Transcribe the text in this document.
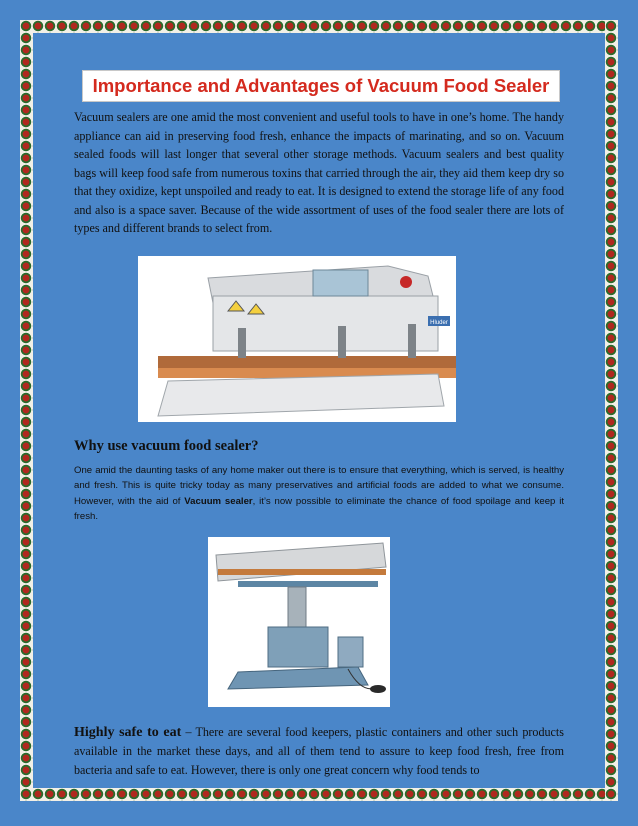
Importance and Advantages of Vacuum Food Sealer
Vacuum sealers are one amid the most convenient and useful tools to have in one’s home. The handy appliance can aid in preserving food fresh, enhance the impacts of marinating, and so on. Vacuum sealed foods will last longer that several other storage methods. Vacuum sealers and best quality bags will keep food safe from numerous toxins that carried through the air, they aid them keep dry so that they oxidize, kept unspoiled and ready to eat. It is designed to extend the storage life of any food and also is a space saver. Because of the wide assortment of uses of the food sealer there are lots of types and different brands to select from.
Hluder
Why use vacuum food sealer?
One amid the daunting tasks of any home maker out there is to ensure that everything, which is served, is healthy and fresh. This is quite tricky today as many preservatives and artificial foods are added to what we consume. However, with the aid of Vacuum sealer, it’s now possible to eliminate the chance of food spoilage and keep it fresh.
Highly safe to eat – There are several food keepers, plastic containers and other such products available in the market these days, and all of them tend to assure to keep food fresh, free from bacteria and safe to eat. However, there is only one great concern why food tends to
